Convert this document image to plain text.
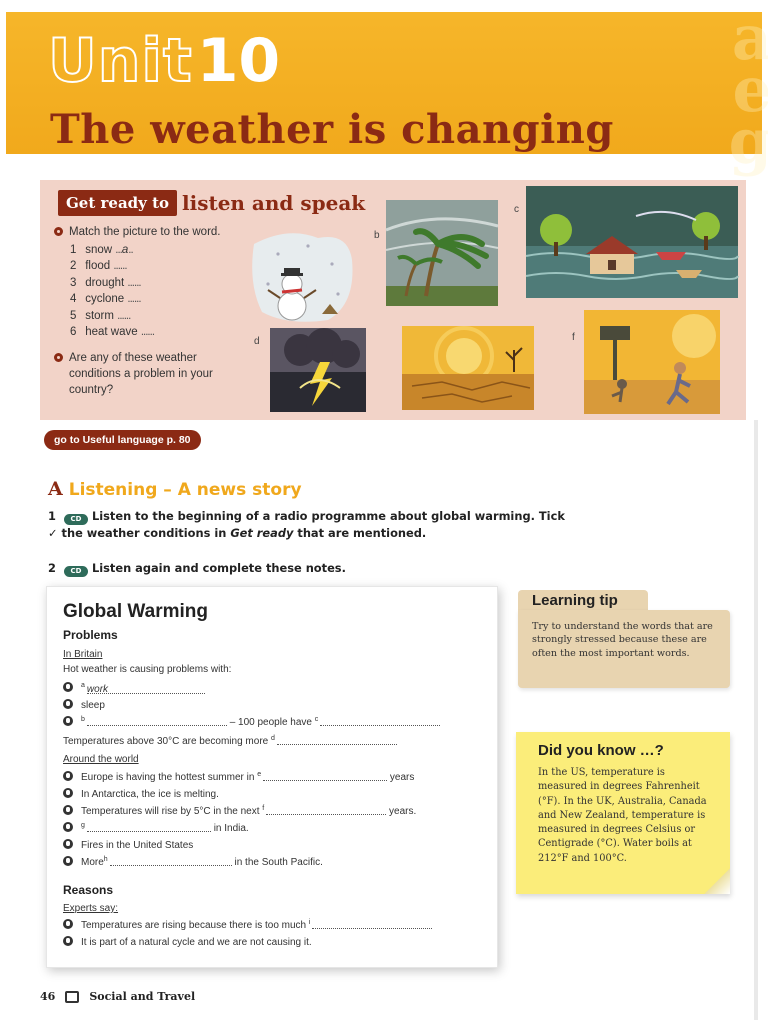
a
e
g
Unit 10
The weather is changing
Get ready to listen and speak
Match the picture to the word.
1 snow ...a..
2 flood ......
3 drought ......
4 cyclone ......
5 storm ......
6 heat wave ......
Are any of these weather conditions a problem in your country?
b
c
d	f
go to Useful language p. 80
A Listening – A news story
1 CD Listen to the beginning of a radio programme about global warming. Tick ✓ the weather conditions in Get ready that are mentioned.
2 CD Listen again and complete these notes.
Global Warming
Problems
In Britain
Hot weather is causing problems with:
$^a$ work
sleep
$^b$	– 100 people have $^c$
Temperatures above 30°C are becoming more $^d$
Around the world
Europe is having the hottest summer in $^e$	years
In Antarctica, the ice is melting.
Temperatures will rise by 5°C in the next $^f$	years.
$^g$	in India.
Fires in the United States
More$^h$	in the South Pacific.
Reasons
Experts say:
Temperatures are rising because there is too much $^i$
It is part of a natural cycle and we are not causing it.
Learning tip
Try to understand the words that are strongly stressed because these are often the most important words.
Did you know …?
In the US, temperature is measured in degrees Fahrenheit (°F). In the UK, Australia, Canada and New Zealand, temperature is measured in degrees Celsius or Centigrade (°C). Water boils at 212°F and 100°C.
46	Social and Travel
